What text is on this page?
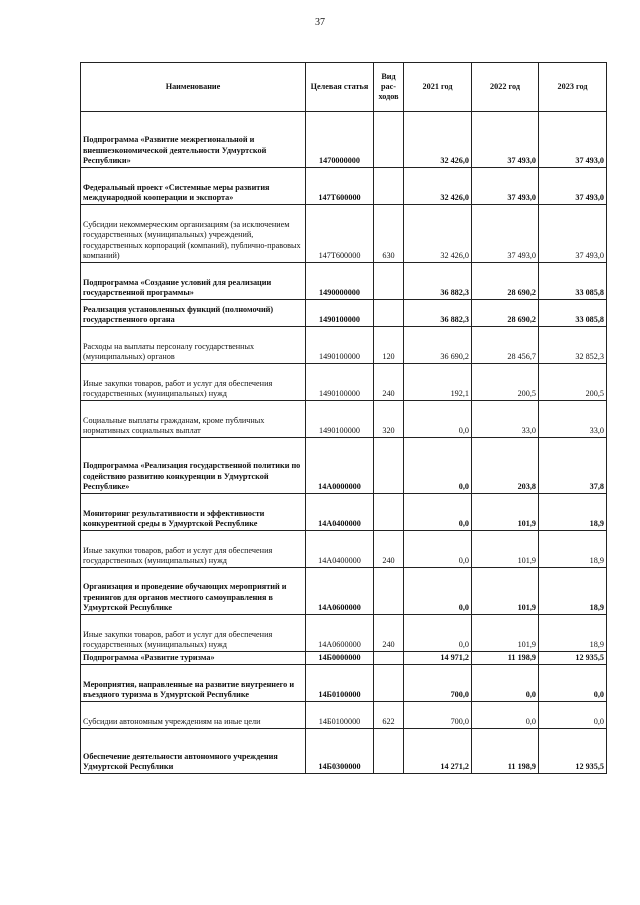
37
Наименование	Целевая статья	Вид рас-ходов	2021 год	2022 год	2023 год
Подпрограмма «Развитие межрегиональной и внешнеэкономической деятельности Удмуртской Республики»	1470000000		32 426,0	37 493,0	37 493,0
Федеральный проект «Системные меры развития международной кооперации и экспорта»	147Т600000		32 426,0	37 493,0	37 493,0
Субсидии некоммерческим организациям (за исключением государственных (муниципальных) учреждений, государственных корпораций (компаний), публично-правовых компаний)	147Т600000	630	32 426,0	37 493,0	37 493,0
Подпрограмма «Создание условий для реализации государственной программы»	1490000000		36 882,3	28 690,2	33 085,8
Реализация установленных функций (полномочий) государственного органа	1490100000		36 882,3	28 690,2	33 085,8
Расходы на выплаты персоналу государственных (муниципальных) органов	1490100000	120	36 690,2	28 456,7	32 852,3
Иные закупки товаров, работ и услуг для обеспечения государственных (муниципальных) нужд	1490100000	240	192,1	200,5	200,5
Социальные выплаты гражданам, кроме публичных нормативных социальных выплат	1490100000	320	0,0	33,0	33,0
Подпрограмма «Реализация государственной политики по содействию развитию конкуренции в Удмуртской Республике»	14А0000000		0,0	203,8	37,8
Мониторинг результативности и эффективности конкурентной среды в Удмуртской Республике	14А0400000		0,0	101,9	18,9
Иные закупки товаров, работ и услуг для обеспечения государственных (муниципальных) нужд	14А0400000	240	0,0	101,9	18,9
Организация и проведение обучающих мероприятий и тренингов для органов местного самоуправления в Удмуртской Республике	14А0600000		0,0	101,9	18,9
Иные закупки товаров, работ и услуг для обеспечения государственных (муниципальных) нужд	14А0600000	240	0,0	101,9	18,9
Подпрограмма «Развитие туризма»	14Б0000000		14 971,2	11 198,9	12 935,5
Мероприятия, направленные на развитие внутреннего и въездного туризма в Удмуртской Республике	14Б0100000		700,0	0,0	0,0
Субсидии автономным учреждениям на иные цели	14Б0100000	622	700,0	0,0	0,0
Обеспечение деятельности автономного учреждения Удмуртской Республики	14Б0300000		14 271,2	11 198,9	12 935,5
